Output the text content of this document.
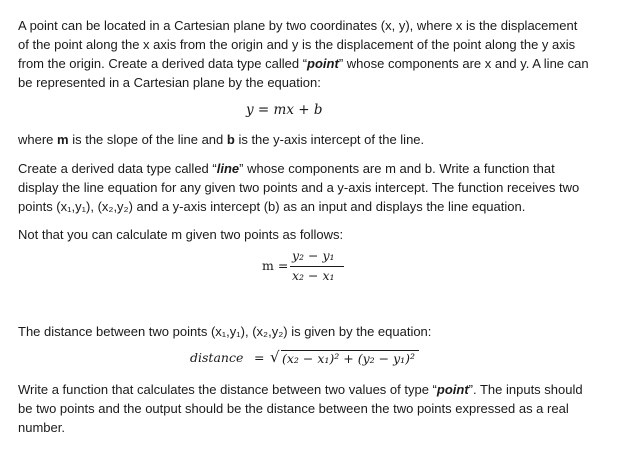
A point can be located in a Cartesian plane by two coordinates (x, y), where x is the displacement of the point along the x axis from the origin and y is the displacement of the point along the y axis from the origin. Create a derived data type called “point” whose components are x and y. A line can be represented in a Cartesian plane by the equation:

y = mx + b

where m is the slope of the line and b is the y-axis intercept of the line.

Create a derived data type called “line” whose components are m and b. Write a function that display the line equation for any given two points and a y-axis intercept. The function receives two points (x₁,y₁), (x₂,y₂) and a y-axis intercept (b) as an input and displays the line equation.

Not that you can calculate m given two points as follows:

m =
y₂ − y₁
x₂ − x₁

The distance between two points (x₁,y₁), (x₂,y₂) is given by the equation:

distance = √ (x₂ − x₁)² + (y₂ − y₁)²

Write a function that calculates the distance between two values of type “point”. The inputs should be two points and the output should be the distance between the two points expressed as a real number.
